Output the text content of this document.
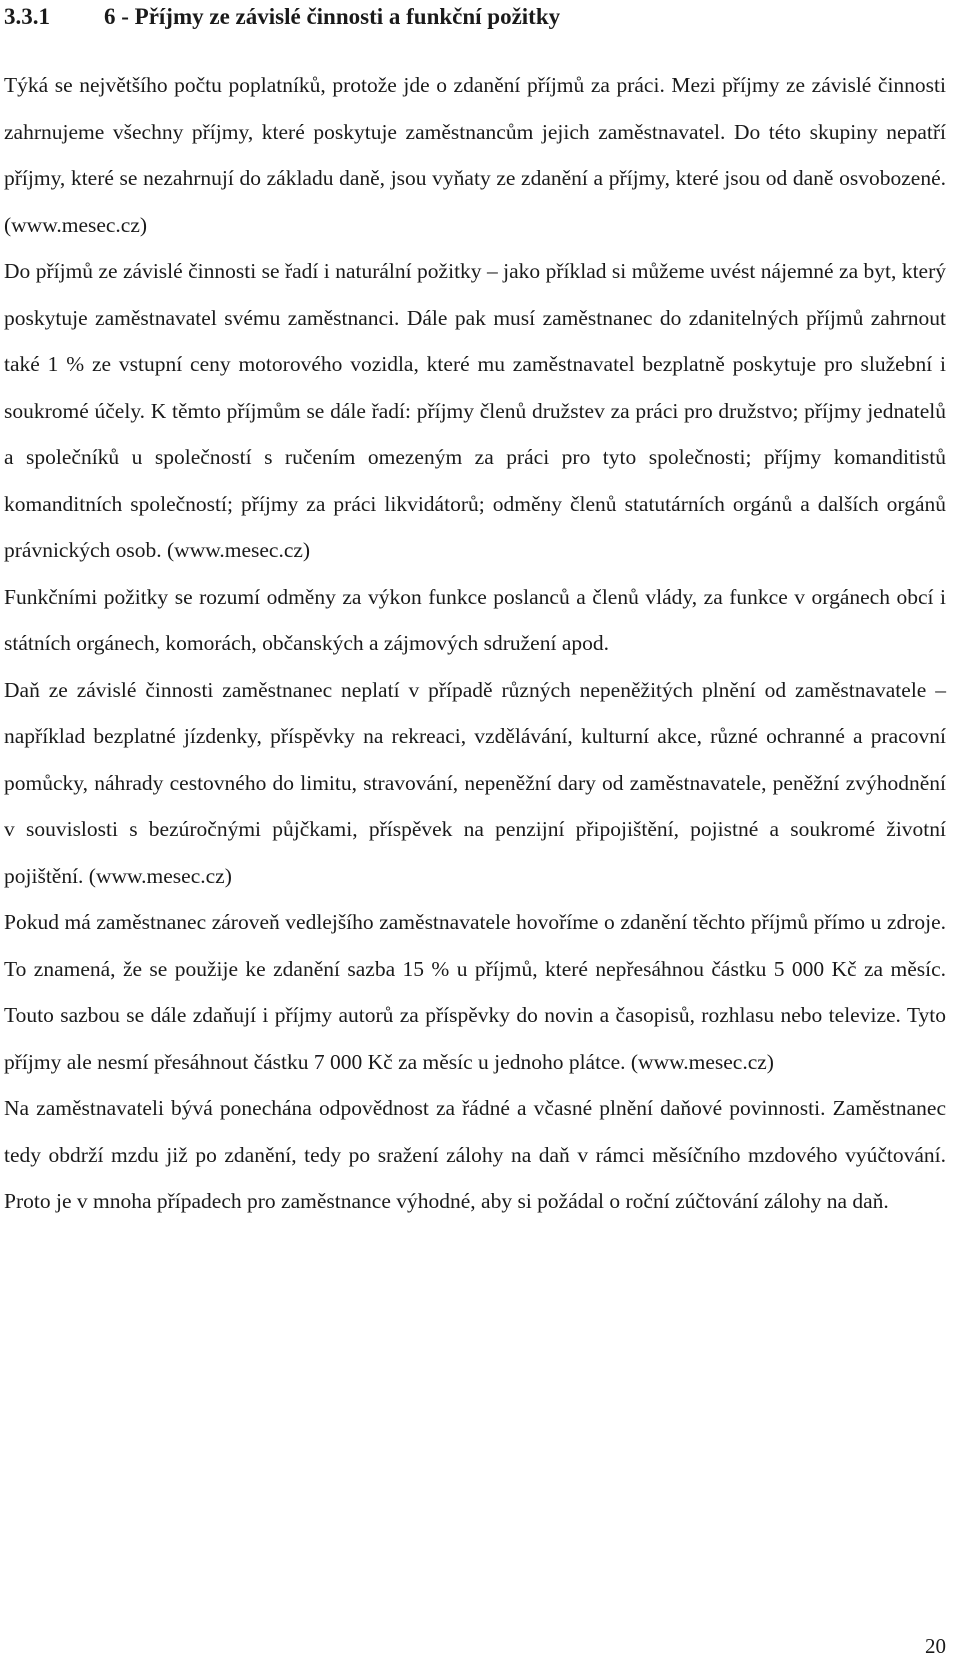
3.3.1 6 - Příjmy ze závislé činnosti a funkční požitky

Týká se největšího počtu poplatníků, protože jde o zdanění příjmů za práci. Mezi příjmy ze závislé činnosti zahrnujeme všechny příjmy, které poskytuje zaměstnancům jejich zaměstnavatel. Do této skupiny nepatří příjmy, které se nezahrnují do základu daně, jsou vyňaty ze zdanění a příjmy, které jsou od daně osvobozené. (www.mesec.cz)

Do příjmů ze závislé činnosti se řadí i naturální požitky – jako příklad si můžeme uvést nájemné za byt, který poskytuje zaměstnavatel svému zaměstnanci. Dále pak musí zaměstnanec do zdanitelných příjmů zahrnout také 1 % ze vstupní ceny motorového vozidla, které mu zaměstnavatel bezplatně poskytuje pro služební i soukromé účely. K těmto příjmům se dále řadí: příjmy členů družstev za práci pro družstvo; příjmy jednatelů a společníků u společností s ručením omezeným za práci pro tyto společnosti; příjmy komanditistů komanditních společností; příjmy za práci likvidátorů; odměny členů statutárních orgánů a dalších orgánů právnických osob. (www.mesec.cz)

Funkčními požitky se rozumí odměny za výkon funkce poslanců a členů vlády, za funkce v orgánech obcí i státních orgánech, komorách, občanských a zájmových sdružení apod.

Daň ze závislé činnosti zaměstnanec neplatí v případě různých nepeněžitých plnění od zaměstnavatele – například bezplatné jízdenky, příspěvky na rekreaci, vzdělávání, kulturní akce, různé ochranné a pracovní pomůcky, náhrady cestovného do limitu, stravování, nepeněžní dary od zaměstnavatele, peněžní zvýhodnění v souvislosti s bezúročnými půjčkami, příspěvek na penzijní připojištění, pojistné a soukromé životní pojištění. (www.mesec.cz)

Pokud má zaměstnanec zároveň vedlejšího zaměstnavatele hovoříme o zdanění těchto příjmů přímo u zdroje. To znamená, že se použije ke zdanění sazba 15 % u příjmů, které nepřesáhnou částku 5 000 Kč za měsíc. Touto sazbou se dále zdaňují i příjmy autorů za příspěvky do novin a časopisů, rozhlasu nebo televize. Tyto příjmy ale nesmí přesáhnout částku 7 000 Kč za měsíc u jednoho plátce. (www.mesec.cz)

Na zaměstnavateli bývá ponechána odpovědnost za řádné a včasné plnění daňové povinnosti. Zaměstnanec tedy obdrží mzdu již po zdanění, tedy po sražení zálohy na daň v rámci měsíčního mzdového vyúčtování. Proto je v mnoha případech pro zaměstnance výhodné, aby si požádal o roční zúčtování zálohy na daň.

20
